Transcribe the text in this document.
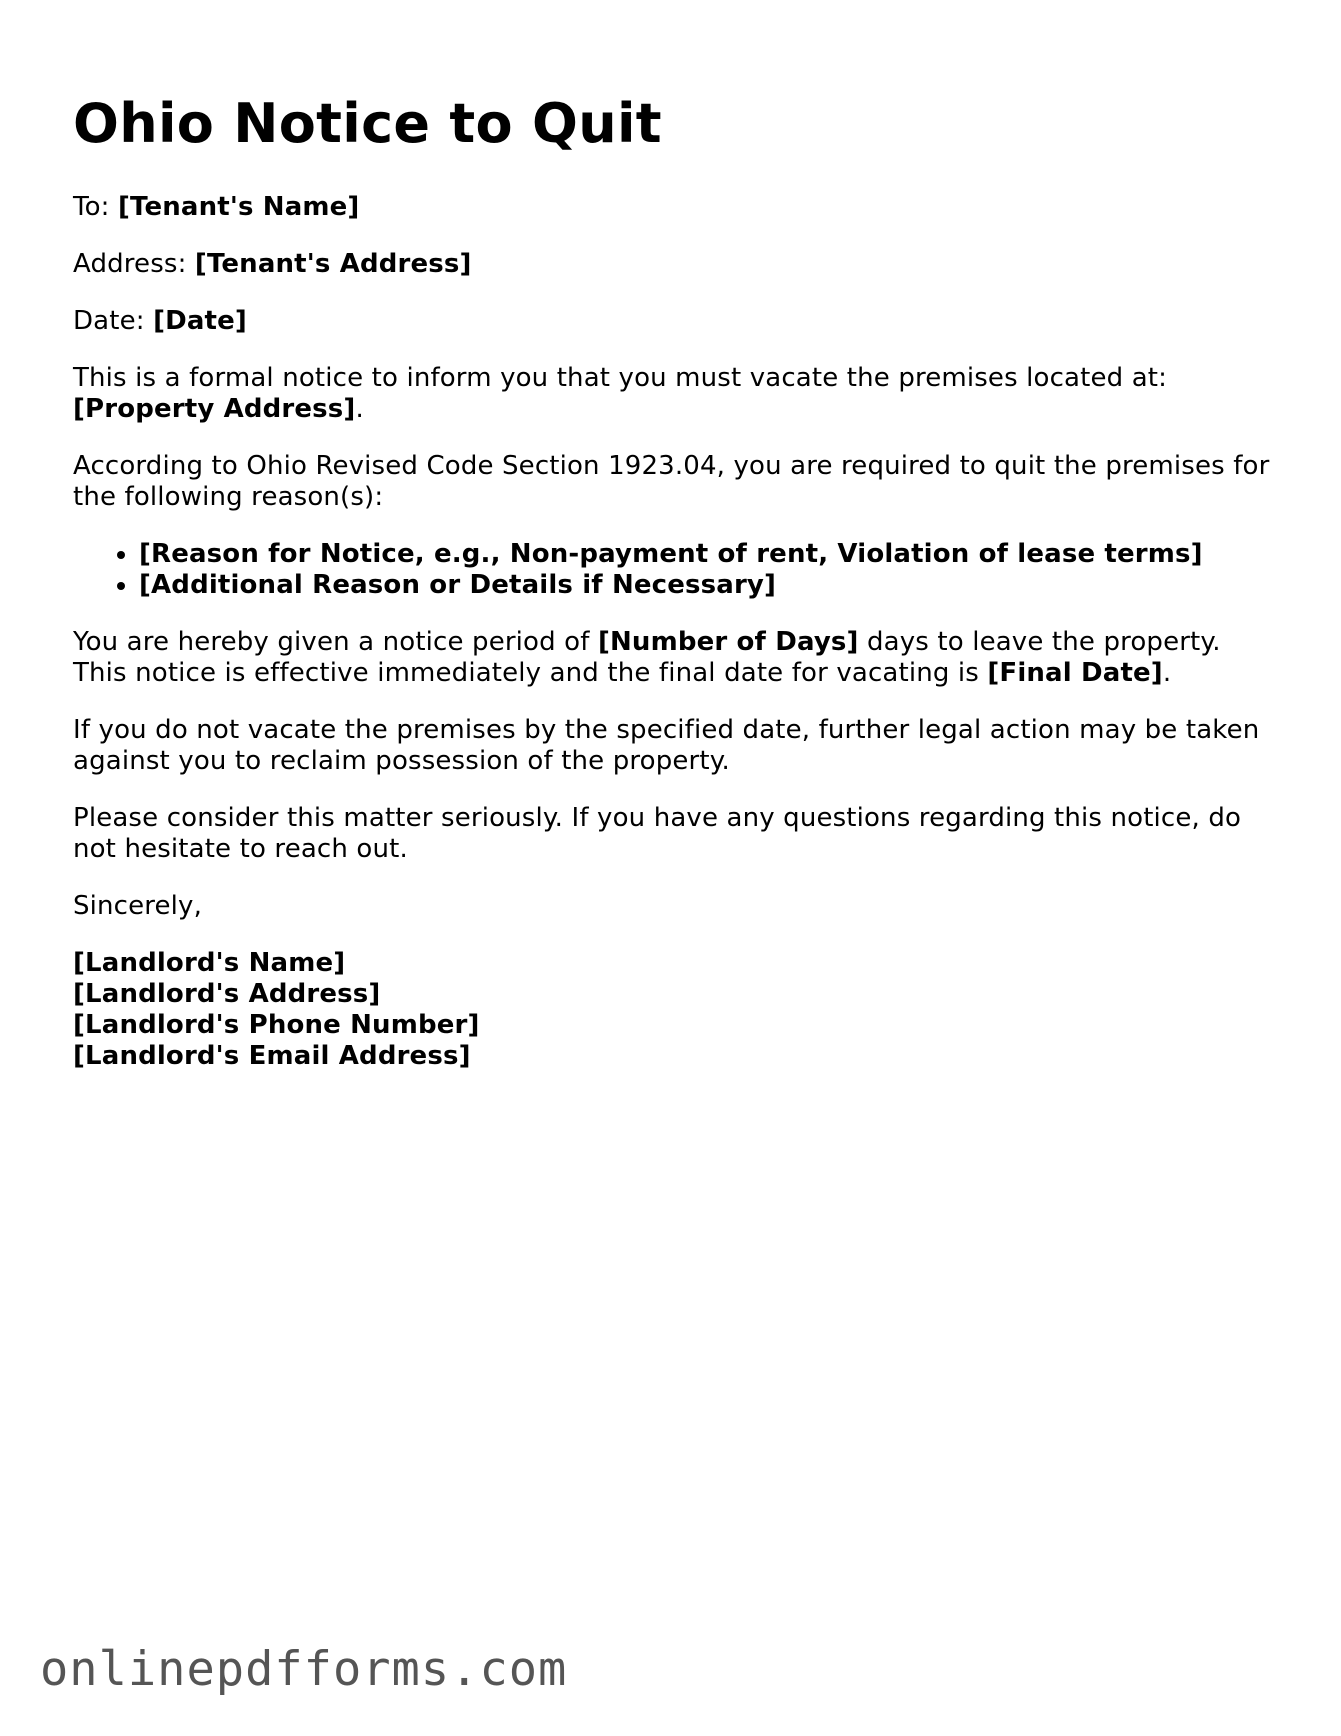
Ohio Notice to Quit

To: [Tenant's Name]

Address: [Tenant's Address]

Date: [Date]

This is a formal notice to inform you that you must vacate the premises located at: [Property Address].

According to Ohio Revised Code Section 1923.04, you are required to quit the premises for the following reason(s):

• [Reason for Notice, e.g., Non-payment of rent, Violation of lease terms]
• [Additional Reason or Details if Necessary]

You are hereby given a notice period of [Number of Days] days to leave the property. This notice is effective immediately and the final date for vacating is [Final Date].

If you do not vacate the premises by the specified date, further legal action may be taken against you to reclaim possession of the property.

Please consider this matter seriously. If you have any questions regarding this notice, do not hesitate to reach out.

Sincerely,

[Landlord's Name]
[Landlord's Address]
[Landlord's Phone Number]
[Landlord's Email Address]
onlinepdfforms.com
